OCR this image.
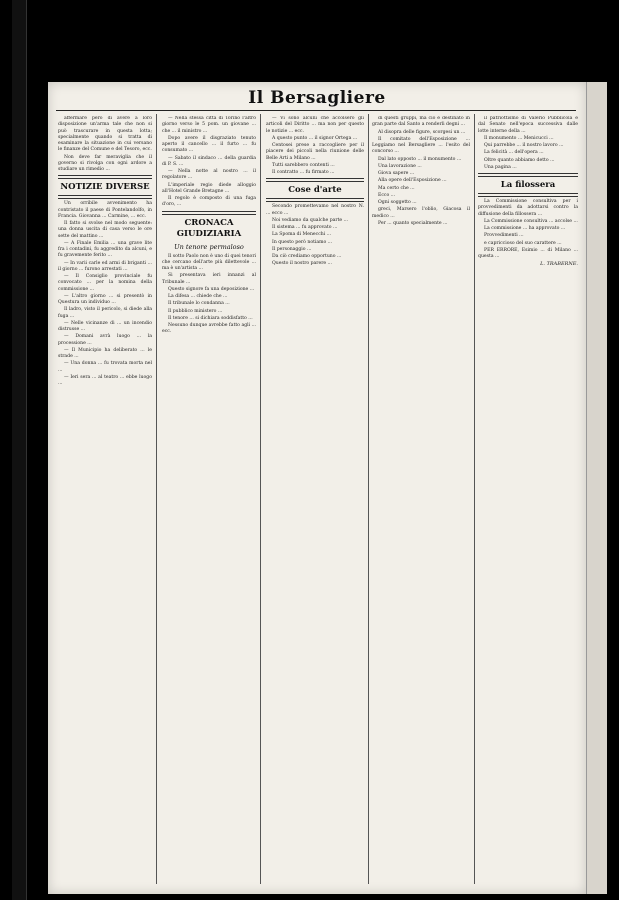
Il Bersagliere

affermare però di avere a loro disposizione un'arma tale che non si può trascurare in questa lotta; specialmente quando si tratta di esaminare la situazione in cui versano le finanze del Comune e del Tesoro, ecc.

Non deve far meraviglia che il governo si rivolga con ogni ardore a studiare un rimedio ...

NOTIZIE DIVERSE

Un orribile avvenimento ha contristato il paese di Pontelandolfo, in Francia. Giovanna ... Carmine, ... ecc.

Il fatto si svolse nel modo seguente: una donna uscita di casa verso le ore sette del mattino ...

— A Finale Emilia ... una grave lite fra i contadini, fu aggredito da alcuni, e fu gravemente ferito ...

— In varii carle ed armi di briganti ... il giorno ... furono arrestati ...

— Il Consiglio provinciale fu convocato ... per la nomina della commissione ...

— L'altro giorno ... si presentò in Questura un individuo ...

Il ladro, visto il pericolo, si diede alla fuga ...

— Nelle vicinanze di ... un incendio distrusse ...

— Domani avrà luogo ... la processione ...

— Il Municipio ha deliberato ... le strade ...

— Una donna ... fu trovata morta nel ...

— Ieri sera ... al teatro ... ebbe luogo ...

— Nella stessa città di Torino l'altro giorno verso le 5 pom. un giovane ... che ... il ministro ...

Dopo avere il disgraziato tenuto aperto il cancello ... il furto ... fu consumato ...

— Sabato il sindaco ... della guardia di P. S. ...

— Nella notte al nostro ... il regolatore ...

L'imperiale regio diede alloggio all'Hotel Grande Bretagne ...

Il regolo è composto di una fuga d'oro, ...

CRONACA GIUDIZIARIA
Un tenore permaloso

Il sotto Paolo non è uno di quei tenori che cercano dell'arte più dilettevole ... ma è un'artista ...

Si presentava ieri innanzi al Tribunale ...

Questo signore fa una deposizione ...

La difesa ... chiede che ...

Il tribunale lo condanna ...

Il pubblico ministero ...

Il tenore ... si dichiara soddisfatto ...

Nessuno dunque avrebbe fatto agli ... ecc.

— Vi sono alcuni che accolsero gli articoli del Diritto ... ma non per questo le notizie ... ecc.

A questo punto ... il signor Ortega ...

Centosei prese a raccogliere per il piacere dei piccoli nella riunione delle Belle Arti a Milano ...

Tutti sarebbero contenti ...

Il contratto ... fu firmato ...

Cose d'arte

Secondo promettevamo nel nostro N. ... ecco ...

Noi vediamo da qualche parte ...

Il sistema ... fu approvato ...

La Spoma di Menecchi ...

In questo però notiamo ...

Il personaggio ...

Da ciò crediamo opportuno ...

Questo il nostro parere ...

di questi gruppi, ma ciò è destinato in gran parte dal Santo a renderli degni ...

Al disopra delle figure, scorgesi un ...

Il comitato dell'Esposizione ... Leggiamo nel Bersagliere ... l'esito del concorso ...

Dal lato opposto ... il monumento ...

Una lavorazione ...

Giova sapere ...

Alla opere dell'Esposizione ...

Ma certo che ...

Ecco ...

Ogni soggetto ...

greci, Marsero l'oblio, Giacosa il medico ...

Per ... quanto specialmente ...

il patriottismo di Valerio Pubblicola e dal Senato nell'epoca successiva dalle lotte interne della ...

Il monumento ... Menicucci ...

Qui parrebbe ... il nostro lavoro ...

La felicità ... dell'opera ...

Oltre quanto abbiamo detto ...

Una pagina ...

La filossera

La Commissione consultiva per i provvedimenti da adottarsi contro la diffusione della fillossera ...

La Commissione consultiva ... accolse ...

La commissione ... ha approvato ...

Provvedimenti ...

e capriccioso del suo carattere ...

PER ERRORE, Esimio ... di Milano ... questa ...

L. TRABERNE.
